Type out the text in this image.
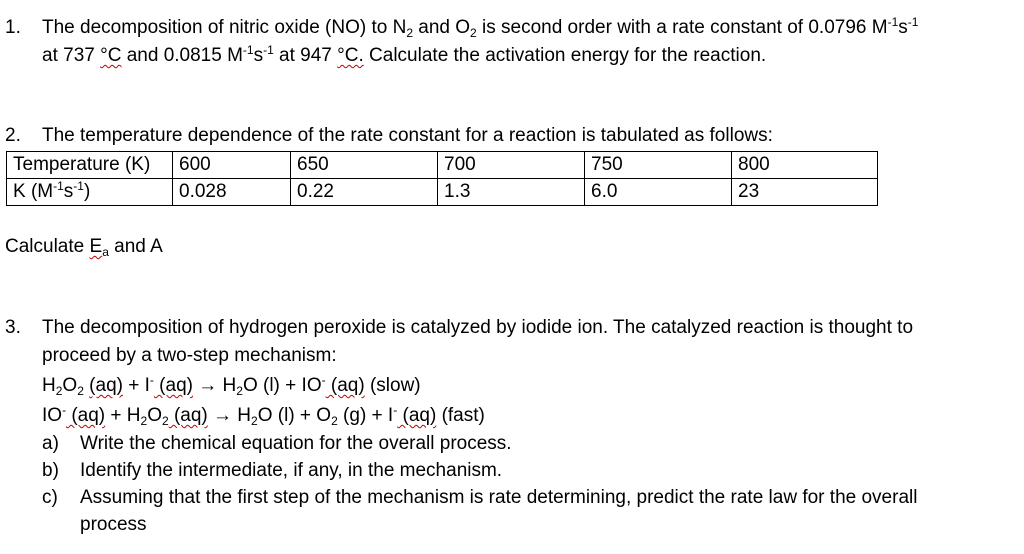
1. The decomposition of nitric oxide (NO) to $N_2$ and $O_2$ is second order with a rate constant of 0.0796 $M^{-1}s^{-1}$
at 737 °C and 0.0815 $M^{-1}s^{-1}$ at 947 °C. Calculate the activation energy for the reaction.
2. The temperature dependence of the rate constant for a reaction is tabulated as follows:
Temperature (K)	600	650	700	750	800
K $(M^{-1}s^{-1})$	0.028	0.22	1.3	6.0	23
Calculate $E_a$ and A
3. The decomposition of hydrogen peroxide is catalyzed by iodide ion. The catalyzed reaction is thought to
proceed by a two-step mechanism:
$H_2O_2$ (aq) + I- $(aq) \to H_2O$ (l) + IO- (aq) (slow)
IO- $(aq) + H_2O_2$ $(aq) \to H_2O$ $(l) + O_2$ (g) + I- (aq) (fast)
a) Write the chemical equation for the overall process.
b) Identify the intermediate, if any, in the mechanism.
c) Assuming that the first step of the mechanism is rate determining, predict the rate law for the overall
process
